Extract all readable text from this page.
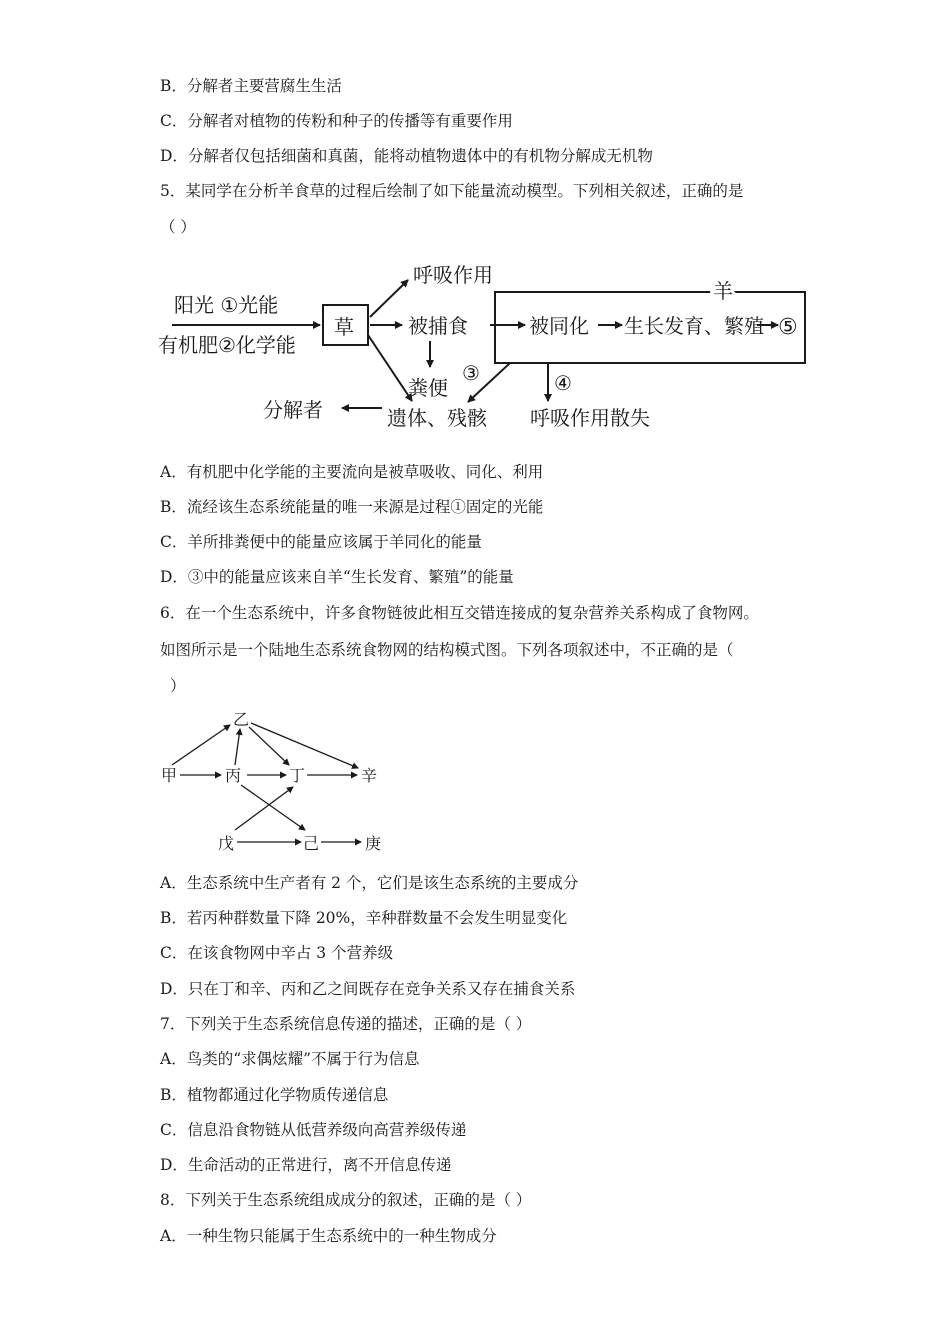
B．分解者主要营腐生生活
C．分解者对植物的传粉和种子的传播等有重要作用
D．分解者仅包括细菌和真菌，能将动植物遗体中的有机物分解成无机物
5．某同学在分析羊食草的过程后绘制了如下能量流动模型。下列相关叙述，正确的是
（ ）
阳光 ①光能
有机肥②化学能
草
呼吸作用
被捕食
粪便
遗体、残骸
分解者
羊
被同化 生长发育、繁殖 ⑤
③	④
呼吸作用散失
A．有机肥中化学能的主要流向是被草吸收、同化、利用
B．流经该生态系统能量的唯一来源是过程①固定的光能
C．羊所排粪便中的能量应该属于羊同化的能量
D．③中的能量应该来自羊“生长发育、繁殖”的能量
6．在一个生态系统中，许多食物链彼此相互交错连接成的复杂营养关系构成了食物网。
如图所示是一个陆地生态系统食物网的结构模式图。下列各项叙述中，不正确的是（
）
乙
甲	丙	丁	辛
戊	己	庚
A．生态系统中生产者有 2 个，它们是该生态系统的主要成分
B．若丙种群数量下降 20%，辛种群数量不会发生明显变化
C．在该食物网中辛占 3 个营养级
D．只在丁和辛、丙和乙之间既存在竞争关系又存在捕食关系
7．下列关于生态系统信息传递的描述，正确的是（ ）
A．鸟类的“求偶炫耀”不属于行为信息
B．植物都通过化学物质传递信息
C．信息沿食物链从低营养级向高营养级传递
D．生命活动的正常进行，离不开信息传递
8．下列关于生态系统组成成分的叙述，正确的是（ ）
A．一种生物只能属于生态系统中的一种生物成分
